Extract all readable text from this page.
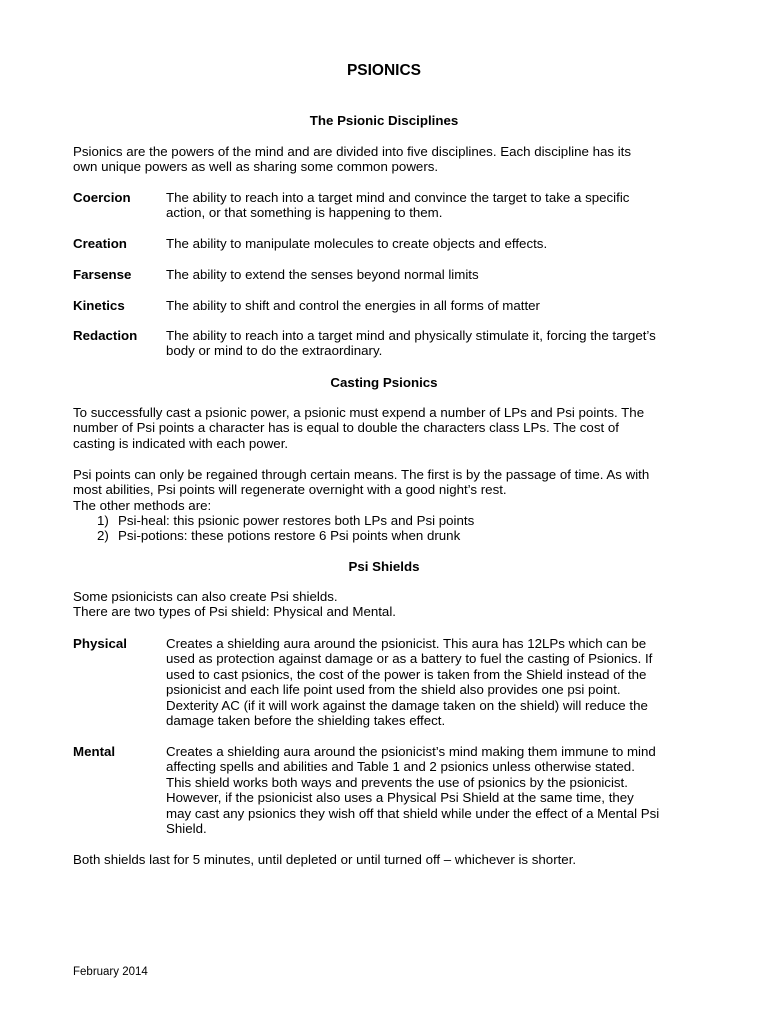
PSIONICS
The Psionic Disciplines
Psionics are the powers of the mind and are divided into five disciplines. Each discipline has its
own unique powers as well as sharing some common powers.
Coercion	The ability to reach into a target mind and convince the target to take a specific
action, or that something is happening to them.
Creation	The ability to manipulate molecules to create objects and effects.
Farsense	The ability to extend the senses beyond normal limits
Kinetics	The ability to shift and control the energies in all forms of matter
Redaction The ability to reach into a target mind and physically stimulate it, forcing the target’s
body or mind to do the extraordinary.
Casting Psionics
To successfully cast a psionic power, a psionic must expend a number of LPs and Psi points. The
number of Psi points a character has is equal to double the characters class LPs. The cost of
casting is indicated with each power.
Psi points can only be regained through certain means. The first is by the passage of time. As with
most abilities, Psi points will regenerate overnight with a good night’s rest.
The other methods are:
1) Psi-heal: this psionic power restores both LPs and Psi points
2) Psi-potions: these potions restore 6 Psi points when drunk
Psi Shields
Some psionicists can also create Psi shields.
There are two types of Psi shield: Physical and Mental.
Physical	Creates a shielding aura around the psionicist. This aura has 12LPs which can be
used as protection against damage or as a battery to fuel the casting of Psionics. If
used to cast psionics, the cost of the power is taken from the Shield instead of the
psionicist and each life point used from the shield also provides one psi point.
Dexterity AC (if it will work against the damage taken on the shield) will reduce the
damage taken before the shielding takes effect.
Mental	Creates a shielding aura around the psionicist’s mind making them immune to mind
affecting spells and abilities and Table 1 and 2 psionics unless otherwise stated.
This shield works both ways and prevents the use of psionics by the psionicist.
However, if the psionicist also uses a Physical Psi Shield at the same time, they
may cast any psionics they wish off that shield while under the effect of a Mental Psi
Shield.
Both shields last for 5 minutes, until depleted or until turned off – whichever is shorter.
February 2014
